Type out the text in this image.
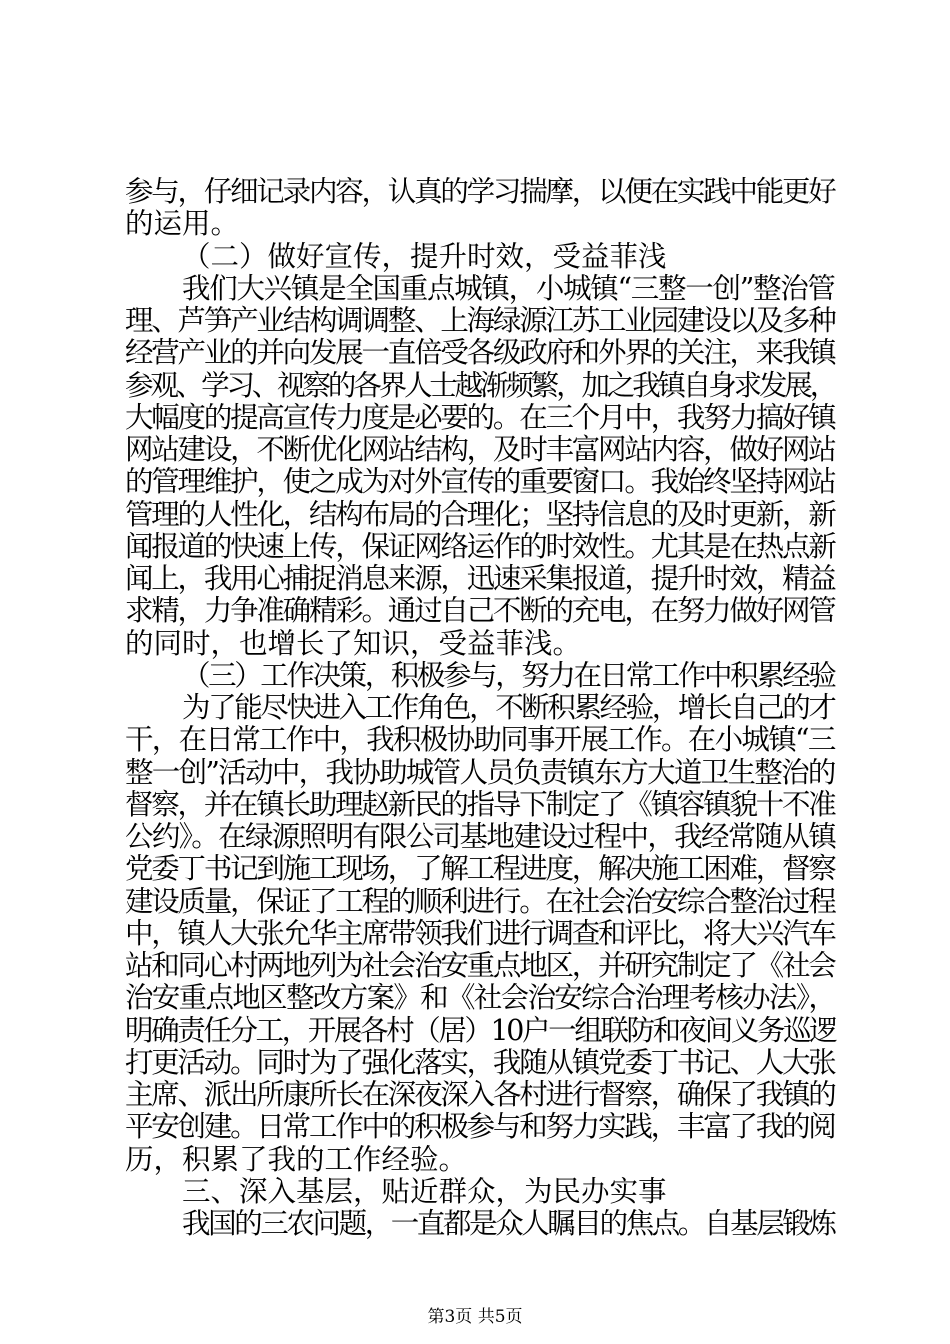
参与，仔细记录内容，认真的学习揣摩，以便在实践中能更好
的运用。
（二）做好宣传，提升时效，受益菲浅
我们大兴镇是全国重点城镇，小城镇“三整一创”整治管
理、芦笋产业结构调调整、上海绿源江苏工业园建设以及多种
经营产业的并向发展一直倍受各级政府和外界的关注，来我镇
参观、学习、视察的各界人士越渐频繁，加之我镇自身求发展，
大幅度的提高宣传力度是必要的。在三个月中，我努力搞好镇
网站建设，不断优化网站结构，及时丰富网站内容，做好网站
的管理维护，使之成为对外宣传的重要窗口。我始终坚持网站
管理的人性化，结构布局的合理化；坚持信息的及时更新，新
闻报道的快速上传，保证网络运作的时效性。尤其是在热点新
闻上，我用心捕捉消息来源，迅速采集报道，提升时效，精益
求精，力争准确精彩。通过自己不断的充电，在努力做好网管
的同时，也增长了知识，受益菲浅。
（三）工作决策，积极参与，努力在日常工作中积累经验
为了能尽快进入工作角色，不断积累经验，增长自己的才
干，在日常工作中，我积极协助同事开展工作。在小城镇“三
整一创”活动中，我协助城管人员负责镇东方大道卫生整治的
督察，并在镇长助理赵新民的指导下制定了《镇容镇貌十不准
公约》。在绿源照明有限公司基地建设过程中，我经常随从镇
党委丁书记到施工现场，了解工程进度，解决施工困难，督察
建设质量，保证了工程的顺利进行。在社会治安综合整治过程
中，镇人大张允华主席带领我们进行调查和评比，将大兴汽车
站和同心村两地列为社会治安重点地区，并研究制定了《社会
治安重点地区整改方案》和《社会治安综合治理考核办法》，
明确责任分工，开展各村（居）10户一组联防和夜间义务巡逻
打更活动。同时为了强化落实，我随从镇党委丁书记、人大张
主席、派出所康所长在深夜深入各村进行督察，确保了我镇的
平安创建。日常工作中的积极参与和努力实践，丰富了我的阅
历，积累了我的工作经验。
三、深入基层，贴近群众，为民办实事
我国的三农问题，一直都是众人瞩目的焦点。自基层锻炼
第3页 共5页
